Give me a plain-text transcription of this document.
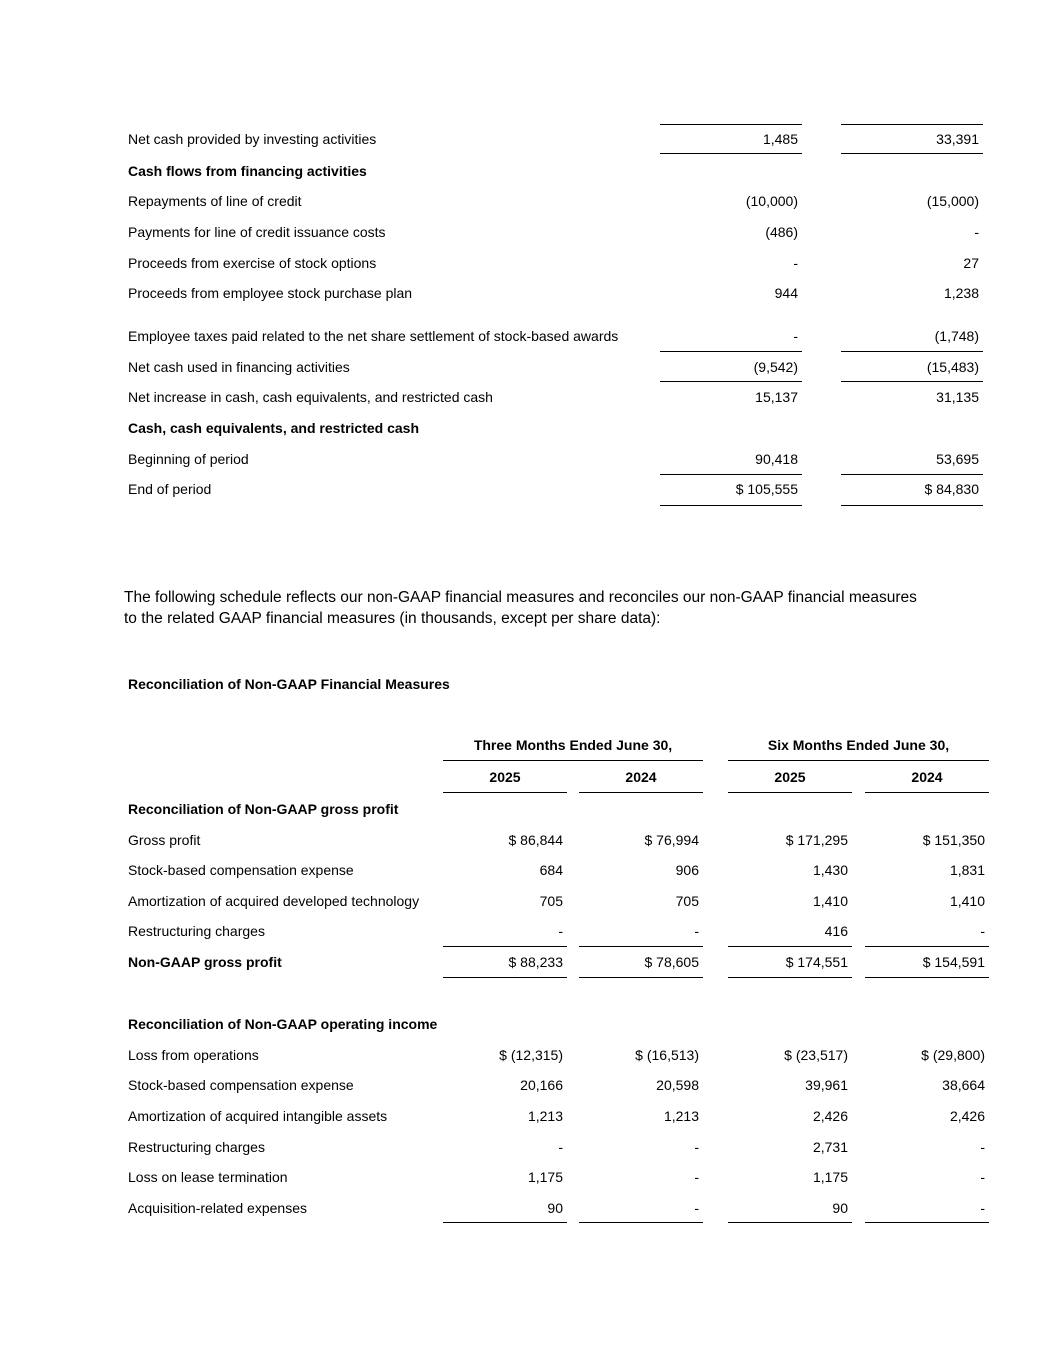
Net cash provided by investing activities	1,485	33,391
Cash flows from financing activities
Repayments of line of credit	(10,000)	(15,000)
Payments for line of credit issuance costs	(486)	-
Proceeds from exercise of stock options	-	27
Proceeds from employee stock purchase plan	944	1,238
Employee taxes paid related to the net share settlement of stock-based awards	-	(1,748)
Net cash used in financing activities	(9,542)	(15,483)
Net increase in cash, cash equivalents, and restricted cash	15,137	31,135
Cash, cash equivalents, and restricted cash
Beginning of period	90,418	53,695
End of period	$ 105,555	$ 84,830
The following schedule reflects our non-GAAP financial measures and reconciles our non-GAAP financial measures
to the related GAAP financial measures (in thousands, except per share data):
Reconciliation of Non-GAAP Financial Measures
Three Months Ended June 30,	Six Months Ended June 30,
2025	2024	2025	2024
Reconciliation of Non-GAAP gross profit
Gross profit	$ 86,844	$ 76,994	$ 171,295	$ 151,350
Stock-based compensation expense	684	906	1,430	1,831
Amortization of acquired developed technology	705	705	1,410	1,410
Restructuring charges	-	-	416	-
Non-GAAP gross profit	$ 88,233	$ 78,605	$ 174,551	$ 154,591
Reconciliation of Non-GAAP operating income
Loss from operations	$ (12,315)	$ (16,513)	$ (23,517)	$ (29,800)
Stock-based compensation expense	20,166	20,598	39,961	38,664
Amortization of acquired intangible assets	1,213	1,213	2,426	2,426
Restructuring charges	-	-	2,731	-
Loss on lease termination	1,175	-	1,175	-
Acquisition-related expenses	90	-	90	-
